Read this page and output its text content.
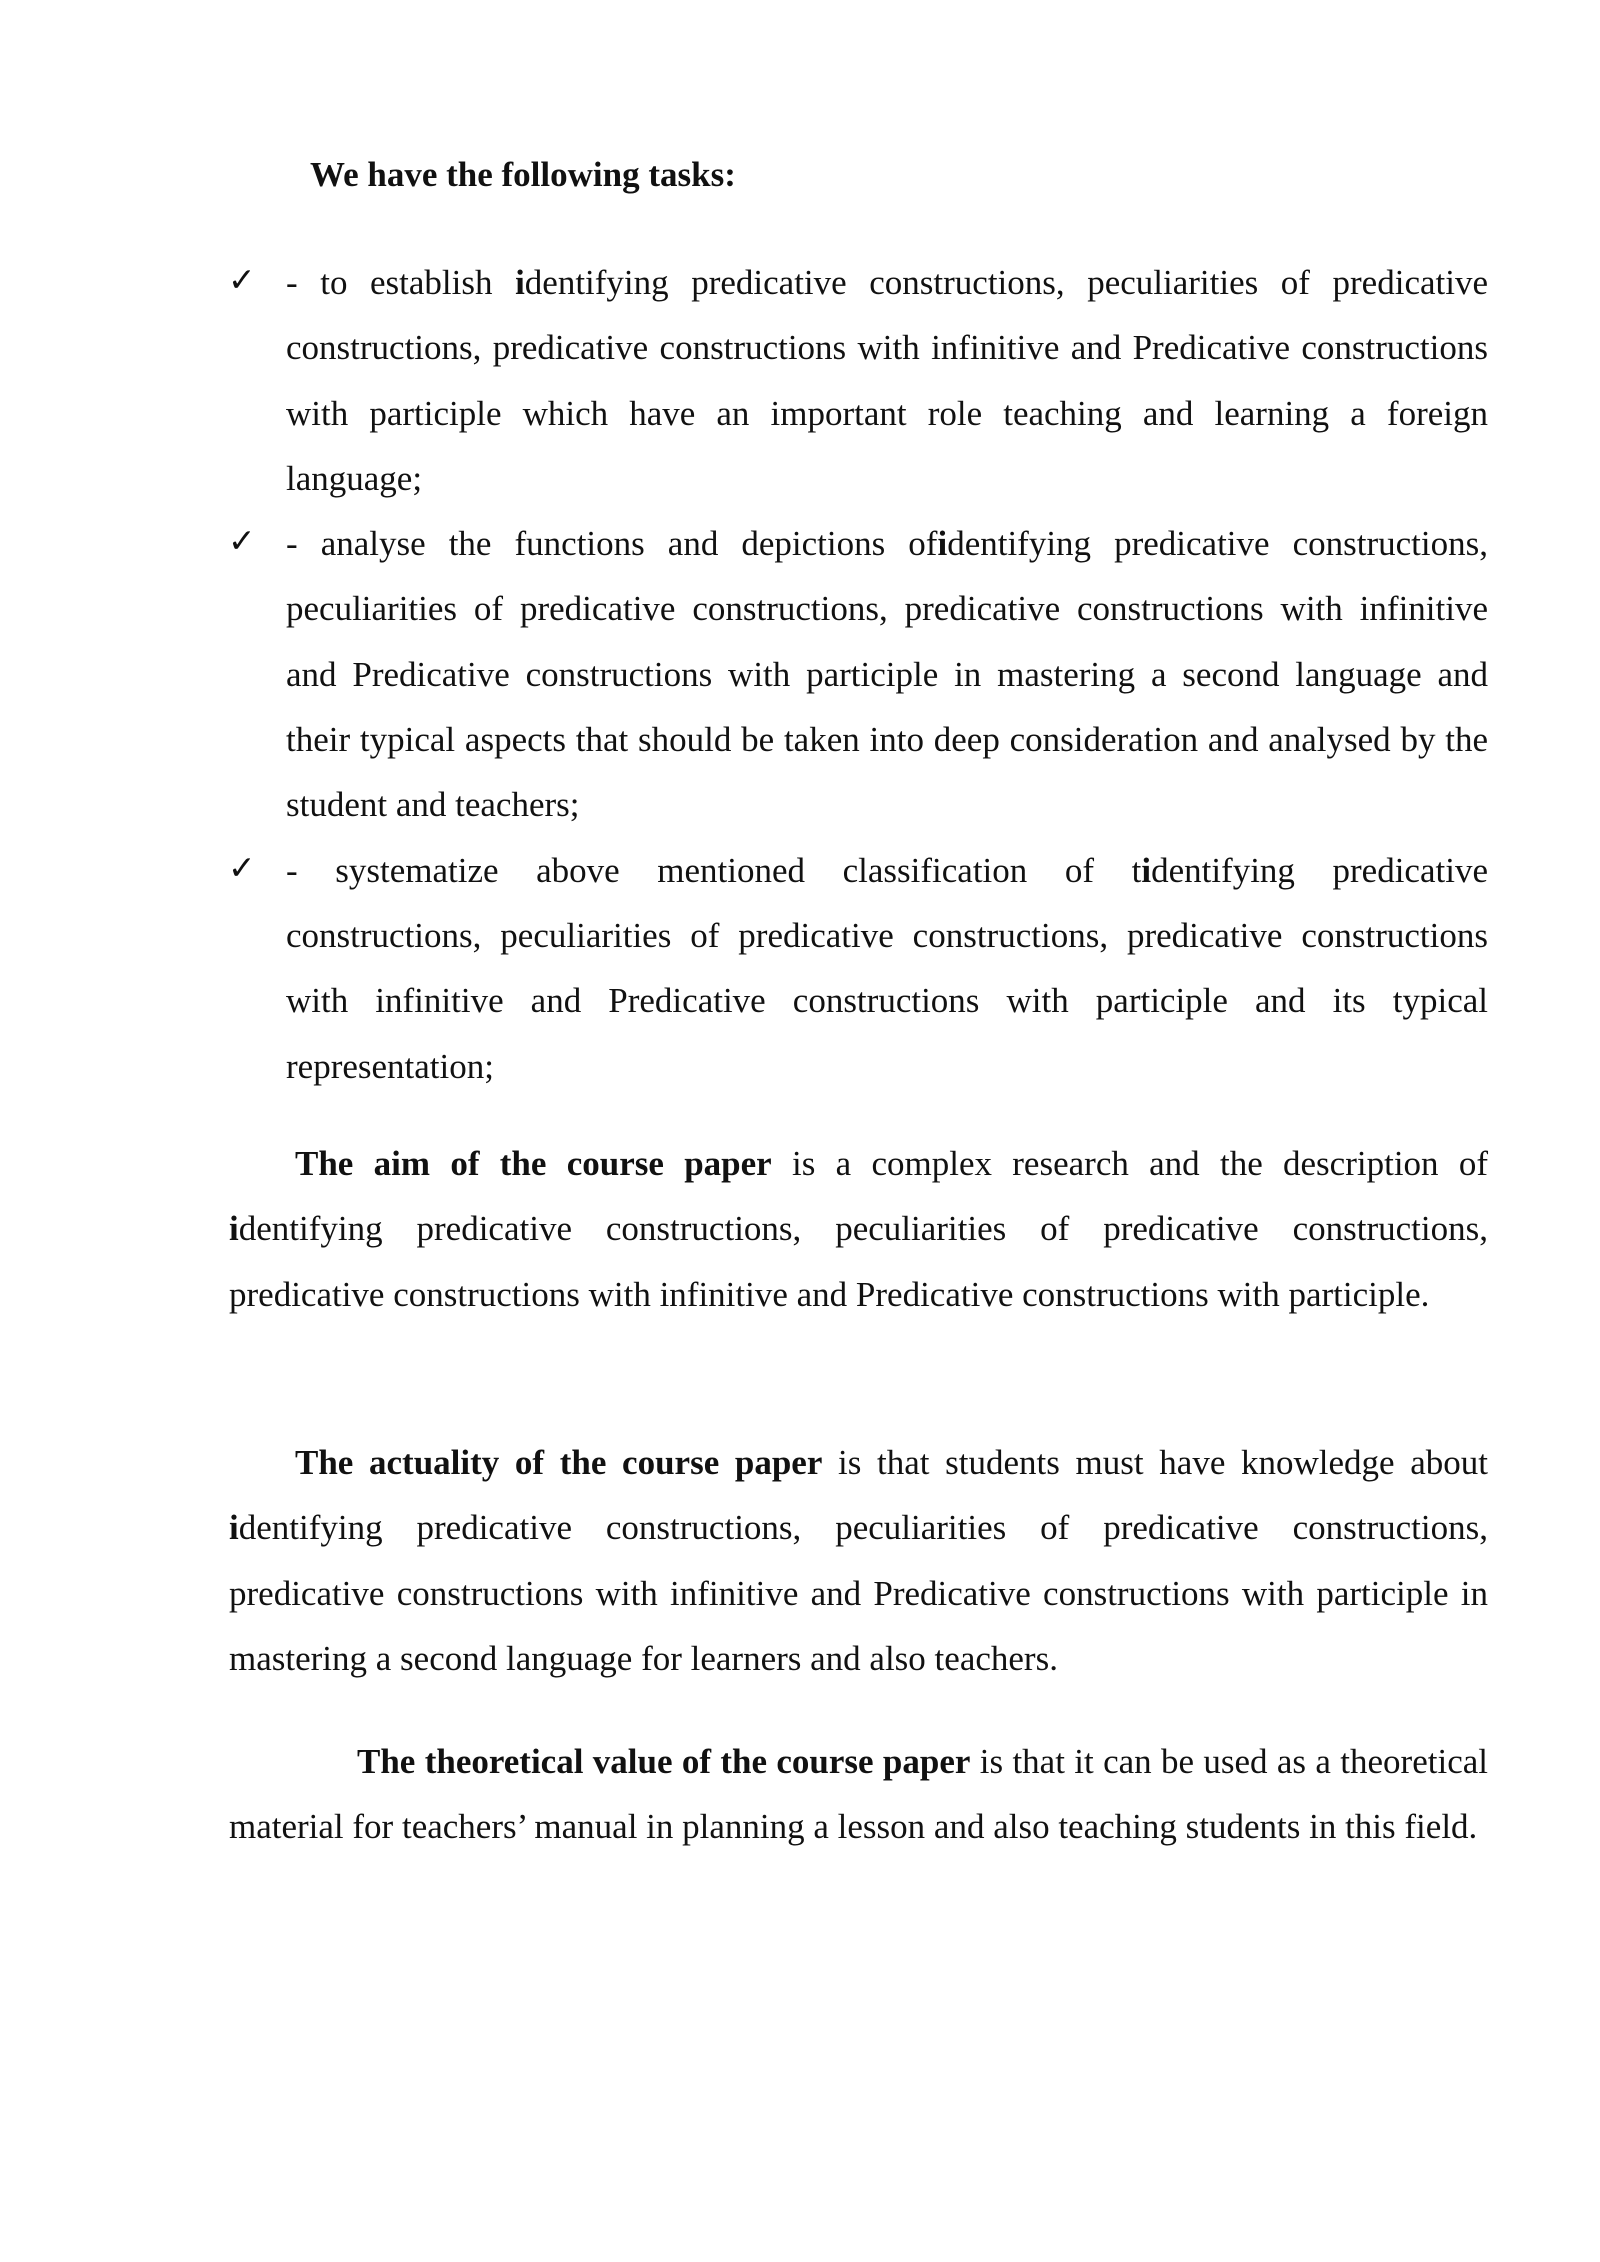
We have the following tasks:
✓ - to establish identifying predicative constructions, peculiarities of predicative constructions, predicative constructions with infinitive and Predicative constructions with participle which have an important role teaching and learning a foreign language;
✓ - analyse the functions and depictions ofidentifying predicative constructions, peculiarities of predicative constructions, predicative constructions with infinitive and Predicative constructions with participle in mastering a second language and their typical aspects that should be taken into deep consideration and analysed by the student and teachers;
✓ - systematize above mentioned classification of tidentifying predicative constructions, peculiarities of predicative constructions, predicative constructions with infinitive and Predicative constructions with participle and its typical representation;

The aim of the course paper is a complex research and the description of identifying predicative constructions, peculiarities of predicative constructions, predicative constructions with infinitive and Predicative constructions with participle.

The actuality of the course paper is that students must have knowledge about identifying predicative constructions, peculiarities of predicative constructions, predicative constructions with infinitive and Predicative constructions with participle in mastering a second language for learners and also teachers.

The theoretical value of the course paper is that it can be used as a theoretical material for teachers’ manual in planning a lesson and also teaching students in this field.
